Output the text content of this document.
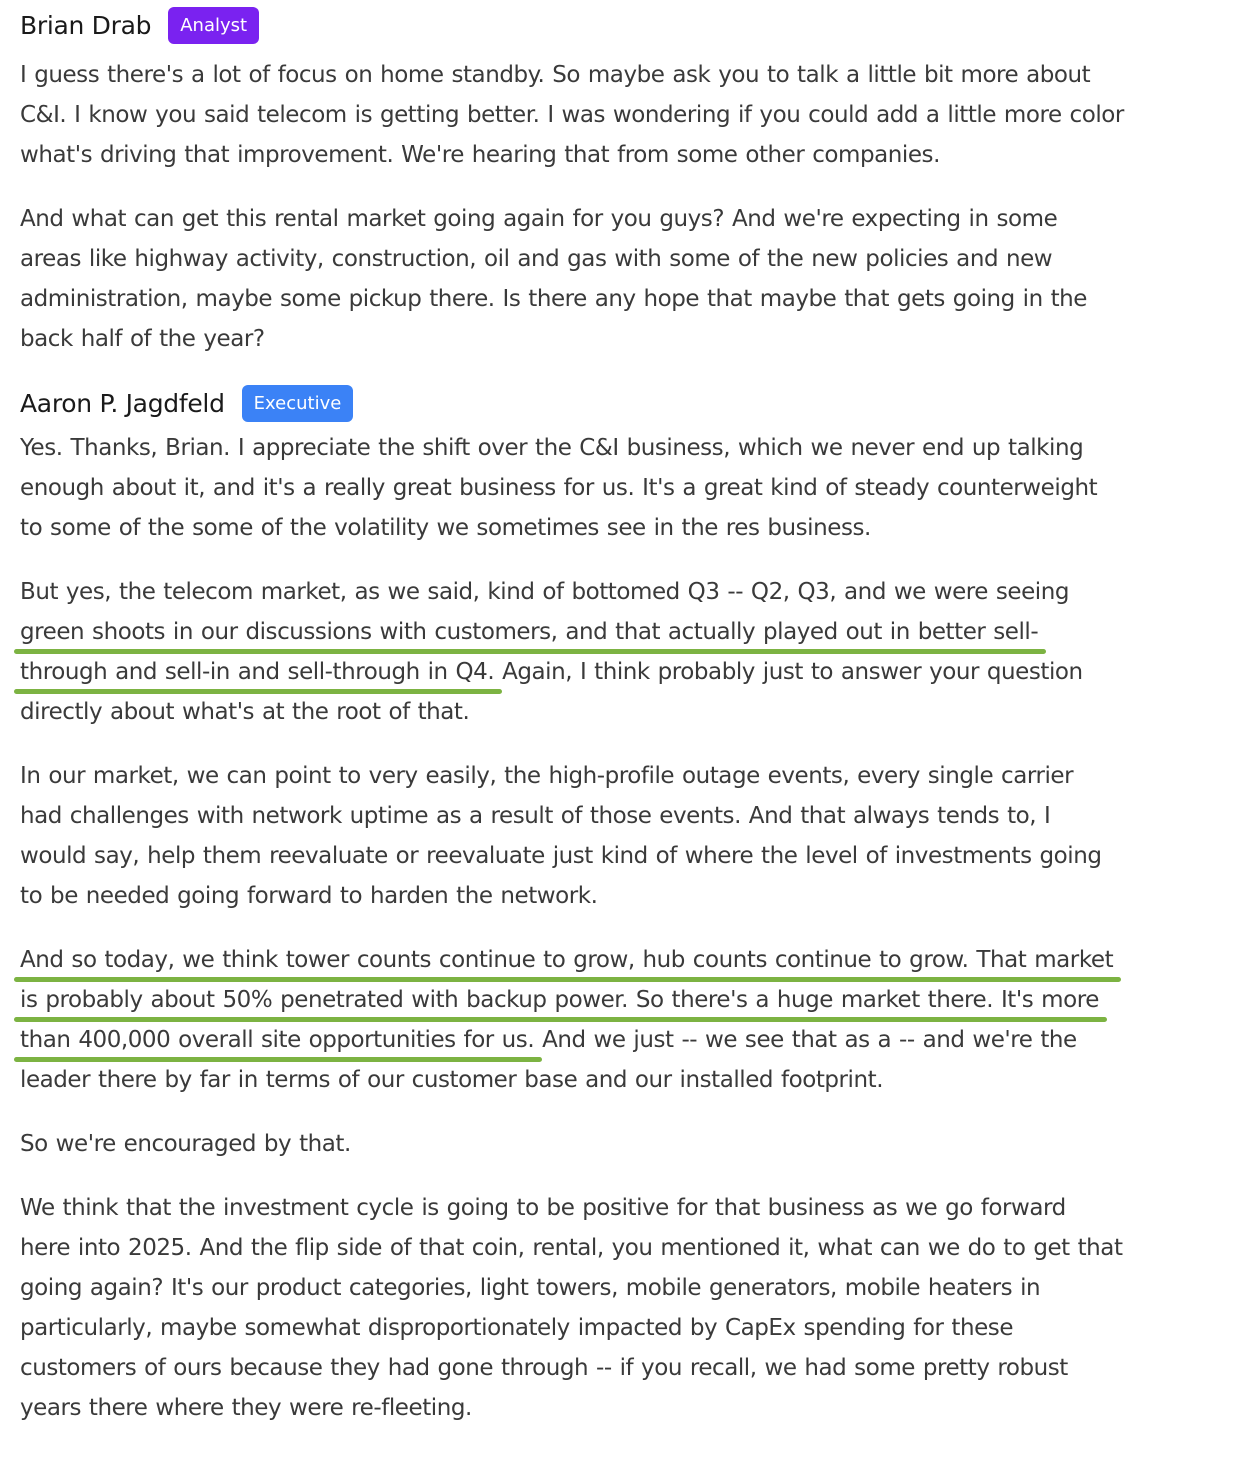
Brian Drab	Analyst

I guess there's a lot of focus on home standby. So maybe ask you to talk a little bit more about
C&I. I know you said telecom is getting better. I was wondering if you could add a little more color
what's driving that improvement. We're hearing that from some other companies.

And what can get this rental market going again for you guys? And we're expecting in some
areas like highway activity, construction, oil and gas with some of the new policies and new
administration, maybe some pickup there. Is there any hope that maybe that gets going in the
back half of the year?

Aaron P. Jagdfeld	Executive

Yes. Thanks, Brian. I appreciate the shift over the C&I business, which we never end up talking
enough about it, and it's a really great business for us. It's a great kind of steady counterweight
to some of the some of the volatility we sometimes see in the res business.

But yes, the telecom market, as we said, kind of bottomed Q3 -- Q2, Q3, and we were seeing
green shoots in our discussions with customers, and that actually played out in better sell-
through and sell-in and sell-through in Q4. Again, I think probably just to answer your question
directly about what's at the root of that.

In our market, we can point to very easily, the high-profile outage events, every single carrier
had challenges with network uptime as a result of those events. And that always tends to, I
would say, help them reevaluate or reevaluate just kind of where the level of investments going
to be needed going forward to harden the network.

And so today, we think tower counts continue to grow, hub counts continue to grow. That market
is probably about 50% penetrated with backup power. So there's a huge market there. It's more
than 400,000 overall site opportunities for us. And we just -- we see that as a -- and we're the
leader there by far in terms of our customer base and our installed footprint.

So we're encouraged by that.

We think that the investment cycle is going to be positive for that business as we go forward
here into 2025. And the flip side of that coin, rental, you mentioned it, what can we do to get that
going again? It's our product categories, light towers, mobile generators, mobile heaters in
particularly, maybe somewhat disproportionately impacted by CapEx spending for these
customers of ours because they had gone through -- if you recall, we had some pretty robust
years there where they were re-fleeting.
